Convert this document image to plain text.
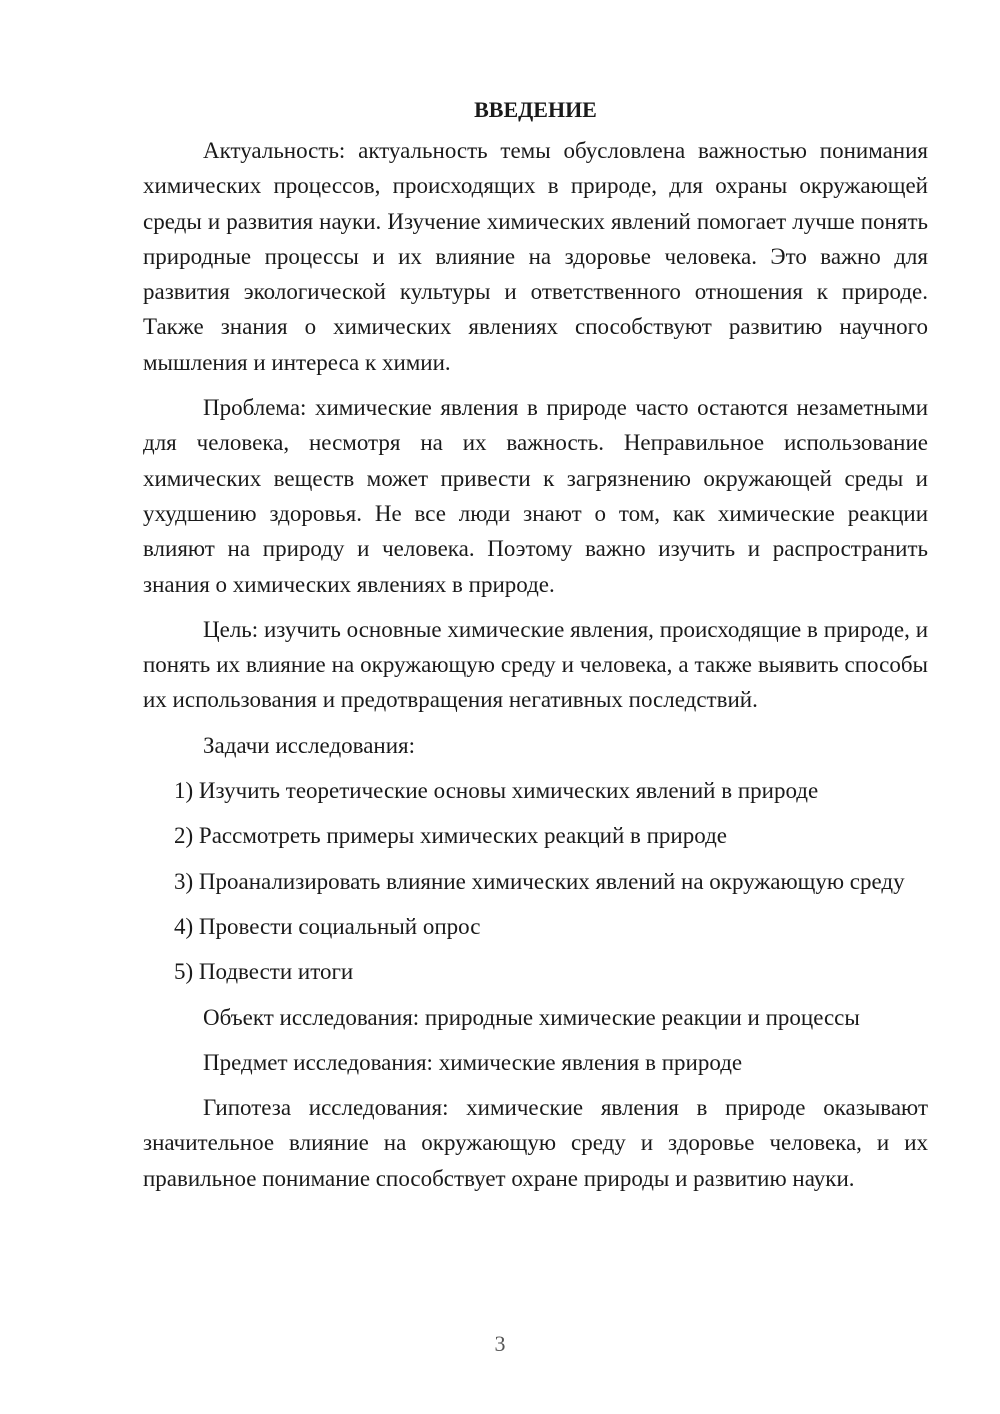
ВВЕДЕНИЕ

Актуальность: актуальность темы обусловлена важностью понимания химических процессов, происходящих в природе, для охраны окружающей среды и развития науки. Изучение химических явлений помогает лучше понять природные процессы и их влияние на здоровье человека. Это важно для развития экологической культуры и ответственного отношения к природе. Также знания о химических явлениях способствуют развитию научного мышления и интереса к химии.

Проблема: химические явления в природе часто остаются незаметными для человека, несмотря на их важность. Неправильное использование химических веществ может привести к загрязнению окружающей среды и ухудшению здоровья. Не все люди знают о том, как химические реакции влияют на природу и человека. Поэтому важно изучить и распространить знания о химических явлениях в природе.

Цель: изучить основные химические явления, происходящие в природе, и понять их влияние на окружающую среду и человека, а также выявить способы их использования и предотвращения негативных последствий.

Задачи исследования:

1) Изучить теоретические основы химических явлений в природе

2) Рассмотреть примеры химических реакций в природе

3) Проанализировать влияние химических явлений на окружающую среду

4) Провести социальный опрос

5) Подвести итоги

Объект исследования: природные химические реакции и процессы

Предмет исследования: химические явления в природе

Гипотеза исследования: химические явления в природе оказывают значительное влияние на окружающую среду и здоровье человека, и их правильное понимание способствует охране природы и развитию науки.

3
